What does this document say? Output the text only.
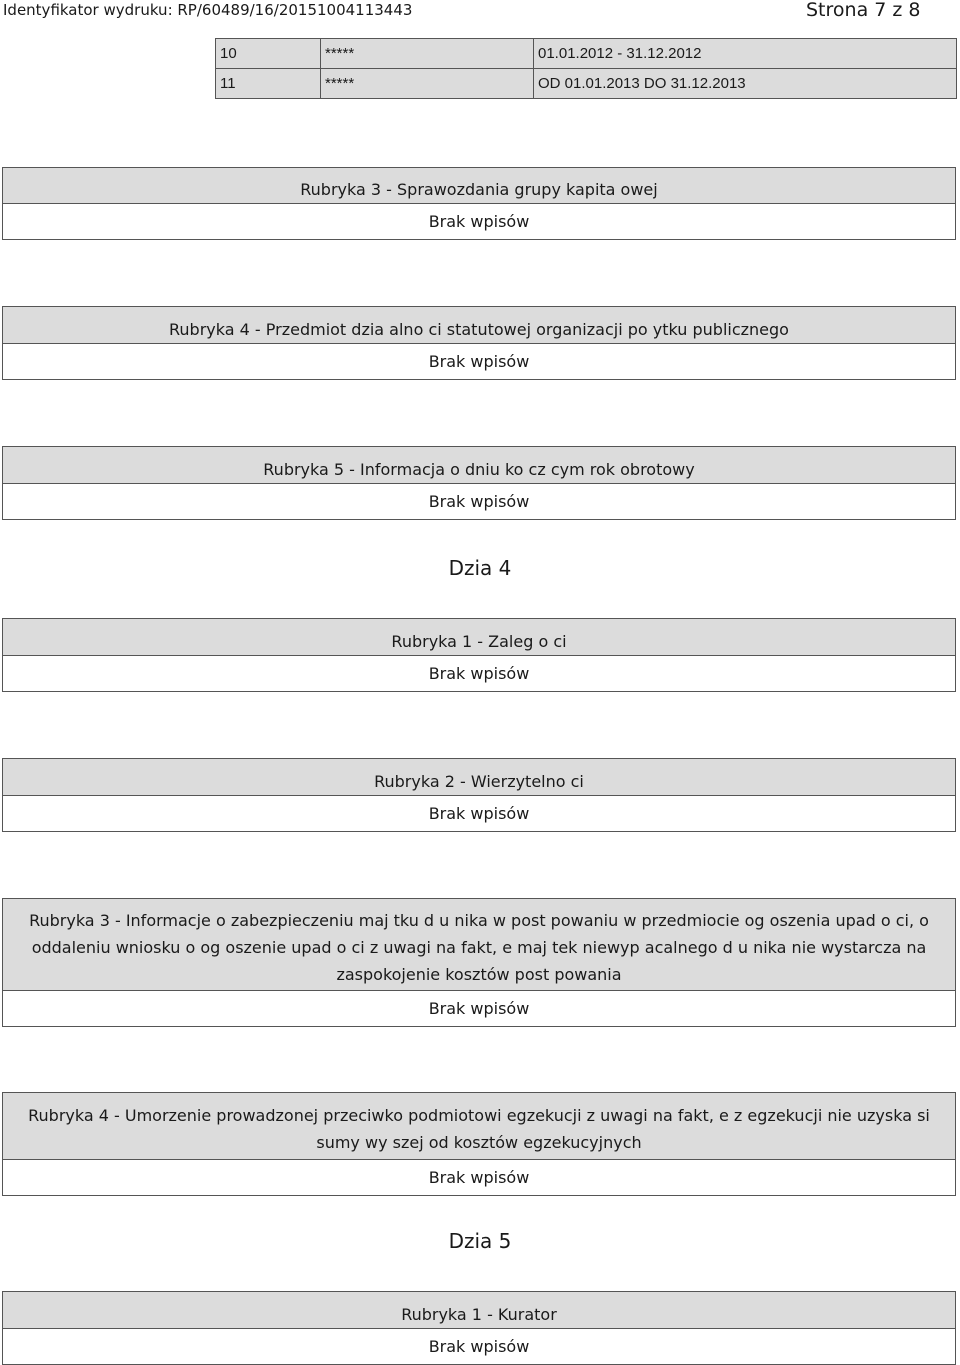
Identyfikator wydruku: RP/60489/16/20151004113443	Strona 7 z 8
10	*****	01.01.2012 - 31.12.2012
11	*****	OD 01.01.2013 DO 31.12.2013
Rubryka 3 - Sprawozdania grupy kapita owej
Brak wpisów
Rubryka 4 - Przedmiot dzia alno ci statutowej organizacji po ytku publicznego
Brak wpisów
Rubryka 5 - Informacja o dniu ko cz cym rok obrotowy
Brak wpisów
Dzia 4
Rubryka 1 - Zaleg o ci
Brak wpisów
Rubryka 2 - Wierzytelno ci
Brak wpisów
Rubryka 3 - Informacje o zabezpieczeniu maj tku d u nika w post powaniu w przedmiocie og oszenia upad o ci, o oddaleniu wniosku o og oszenie upad o ci z uwagi na fakt, e maj tek niewyp acalnego d u nika nie wystarcza na zaspokojenie kosztów post powania
Brak wpisów
Rubryka 4 - Umorzenie prowadzonej przeciwko podmiotowi egzekucji z uwagi na fakt, e z egzekucji nie uzyska si sumy wy szej od kosztów egzekucyjnych
Brak wpisów
Dzia 5
Rubryka 1 - Kurator
Brak wpisów
